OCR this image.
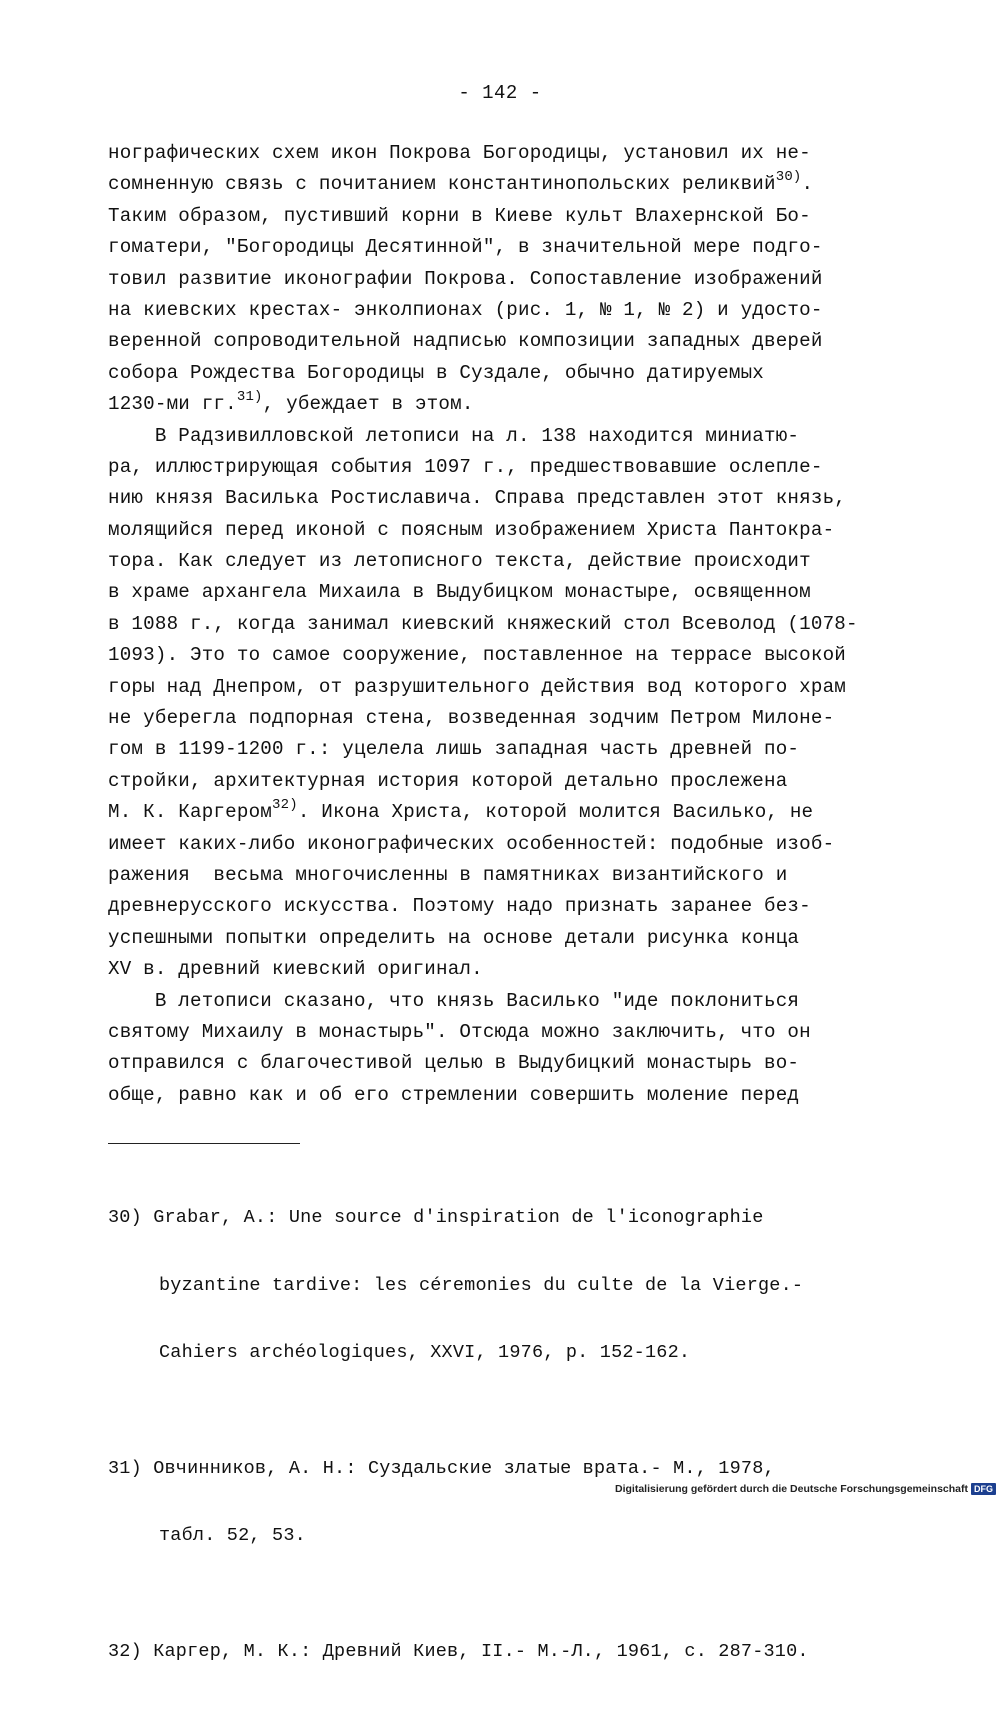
- 142 -
нографических схем икон Покрова Богородицы, установил их не-
сомненную связь с почитанием константинопольских реликвий$^{30)}$.
Таким образом, пустивший корни в Киеве культ Влахернской Бо-
гоматери, "Богородицы Десятинной", в значительной мере подго-
товил развитие иконографии Покрова. Сопоставление изображений
на киевских крестах- энколпионах (рис. 1, № 1, № 2) и удосто-
веренной сопроводительной надписью композиции западных дверей
собора Рождества Богородицы в Суздале, обычно датируемых
1230-ми гг.$^{31)}$, убеждает в этом.
В Радзивилловской летописи на л. 138 находится миниатю-
ра, иллюстрирующая события 1097 г., предшествовавшие ослепле-
нию князя Василька Ростиславича. Справа представлен этот князь,
молящийся перед иконой с поясным изображением Христа Пантокра-
тора. Как следует из летописного текста, действие происходит
в храме архангела Михаила в Выдубицком монастыре, освященном
в 1088 г., когда занимал киевский княжеский стол Всеволод (1078-
1093). Это то самое сооружение, поставленное на террасе высокой
горы над Днепром, от разрушительного действия вод которого храм
не уберегла подпорная стена, возведенная зодчим Петром Милоне-
гом в 1199-1200 г.: уцелела лишь западная часть древней по-
стройки, архитектурная история которой детально прослежена
М. К. Каргером$^{32)}$. Икона Христа, которой молится Василько, не
имеет каких-либо иконографических особенностей: подобные изоб-
ражения  весьма многочисленны в памятниках византийского и
древнерусского искусства. Поэтому надо признать заранее без-
успешными попытки определить на основе детали рисунка конца
XV в. древний киевский оригинал.
В летописи сказано, что князь Василько "иде поклониться
святому Михаилу в монастырь". Отсюда можно заключить, что он
отправился с благочестивой целью в Выдубицкий монастырь во-
обще, равно как и об его стремлении совершить моление перед

30) Grabar, A.: Une source d'inspiration de l'iconographie

byzantine tardive: les céremonies du culte de la Vierge.-

Cahiers archéologiques, XXVI, 1976, p. 152-162.

31) Овчинников, А. Н.: Суздальские златые врата.- М., 1978,

табл. 52, 53.

32) Каргер, М. К.: Древний Киев, II.- М.-Л., 1961, с. 287-310.

Digitalisierung gefördert durch die Deutsche Forschungsgemeinschaft DFG
